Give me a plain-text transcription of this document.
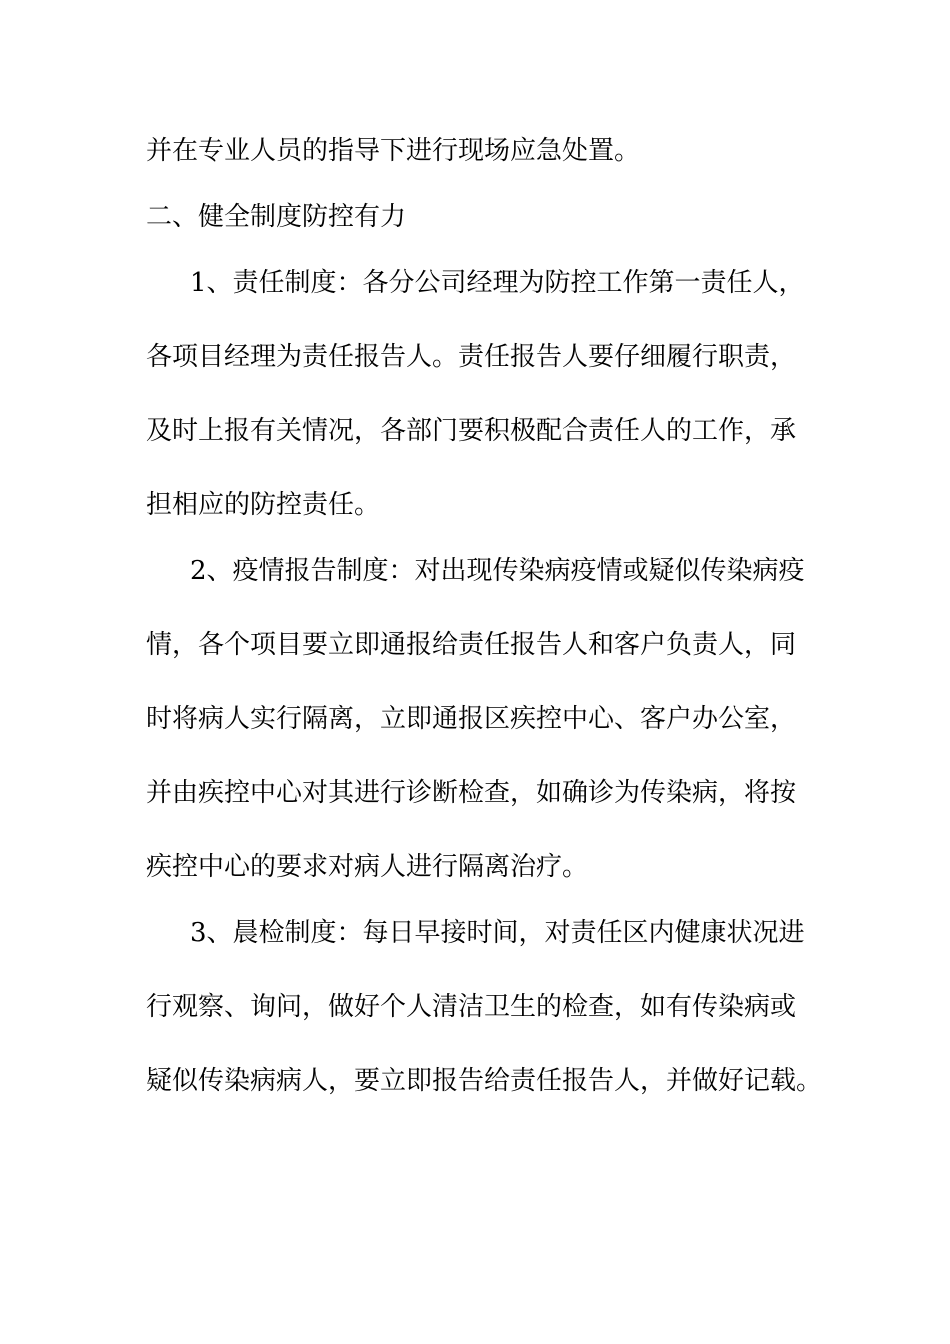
并在专业人员的指导下进行现场应急处置。
二、健全制度防控有力
1、责任制度：各分公司经理为防控工作第一责任人，
各项目经理为责任报告人。责任报告人要仔细履行职责，
及时上报有关情况，各部门要积极配合责任人的工作，承
担相应的防控责任。
2、疫情报告制度：对出现传染病疫情或疑似传染病疫
情，各个项目要立即通报给责任报告人和客户负责人，同
时将病人实行隔离，立即通报区疾控中心、客户办公室，
并由疾控中心对其进行诊断检查，如确诊为传染病，将按
疾控中心的要求对病人进行隔离治疗。
3、晨检制度：每日早接时间，对责任区内健康状况进
行观察、询问，做好个人清洁卫生的检查，如有传染病或
疑似传染病病人，要立即报告给责任报告人，并做好记载。
